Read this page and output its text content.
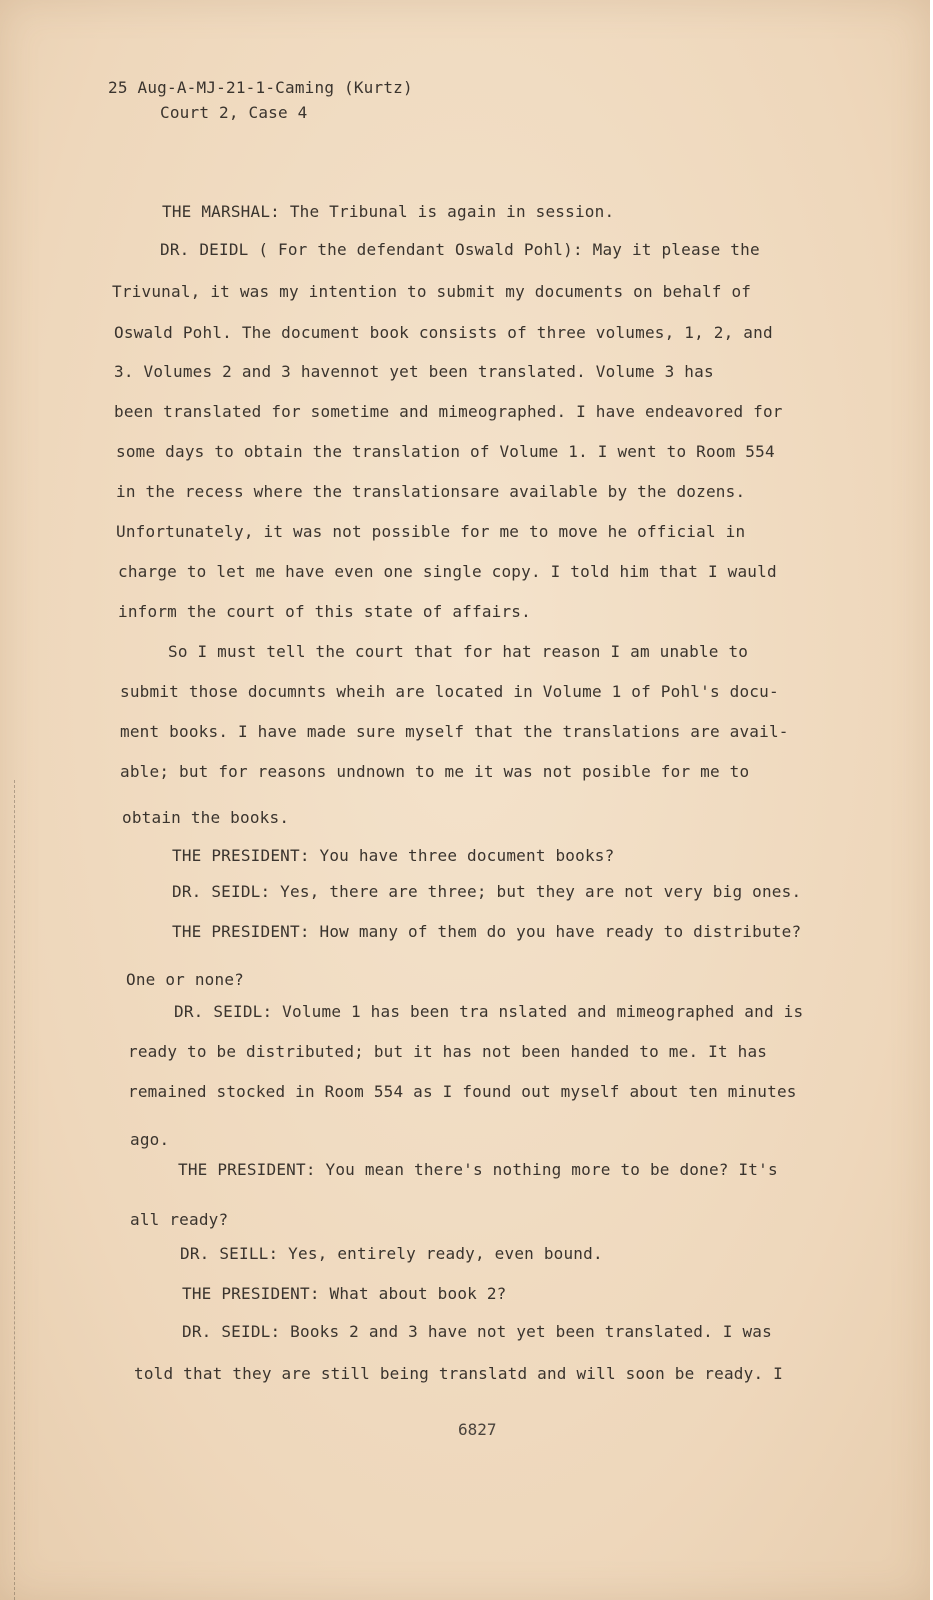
25 Aug-A-MJ-21-1-Caming (Kurtz)
Court 2, Case 4
THE MARSHAL: The Tribunal is again in session.
DR. DEIDL ( For the defendant Oswald Pohl): May it please the
Trivunal, it was my intention to submit my documents on behalf of
Oswald Pohl. The document book consists of three volumes, 1, 2, and
3. Volumes 2 and 3 havennot yet been translated. Volume 3 has
been translated for sometime and mimeographed. I have endeavored for
some days to obtain the translation of Volume 1. I went to Room 554
in the recess where the translationsare available by the dozens.
Unfortunately, it was not possible for me to move he official in
charge to let me have even one single copy. I told him that I wauld
inform the court of this state of affairs.
So I must tell the court that for hat reason I am unable to
submit those documnts wheih are located in Volume 1 of Pohl's docu-
ment books. I have made sure myself that the translations are avail-
able; but for reasons undnown to me it was not posible for me to
obtain the books.
THE PRESIDENT: You have three document books?
DR. SEIDL: Yes, there are three; but they are not very big ones.
THE PRESIDENT: How many of them do you have ready to distribute?
One or none?
DR. SEIDL: Volume 1 has been tra nslated and mimeographed and is
ready to be distributed; but it has not been handed to me. It has
remained stocked in Room 554 as I found out myself about ten minutes
ago.
THE PRESIDENT: You mean there's nothing more to be done? It's
all ready?
DR. SEILL: Yes, entirely ready, even bound.
THE PRESIDENT: What about book 2?
DR. SEIDL: Books 2 and 3 have not yet been translated. I was
told that they are still being translatd and will soon be ready. I
6827
